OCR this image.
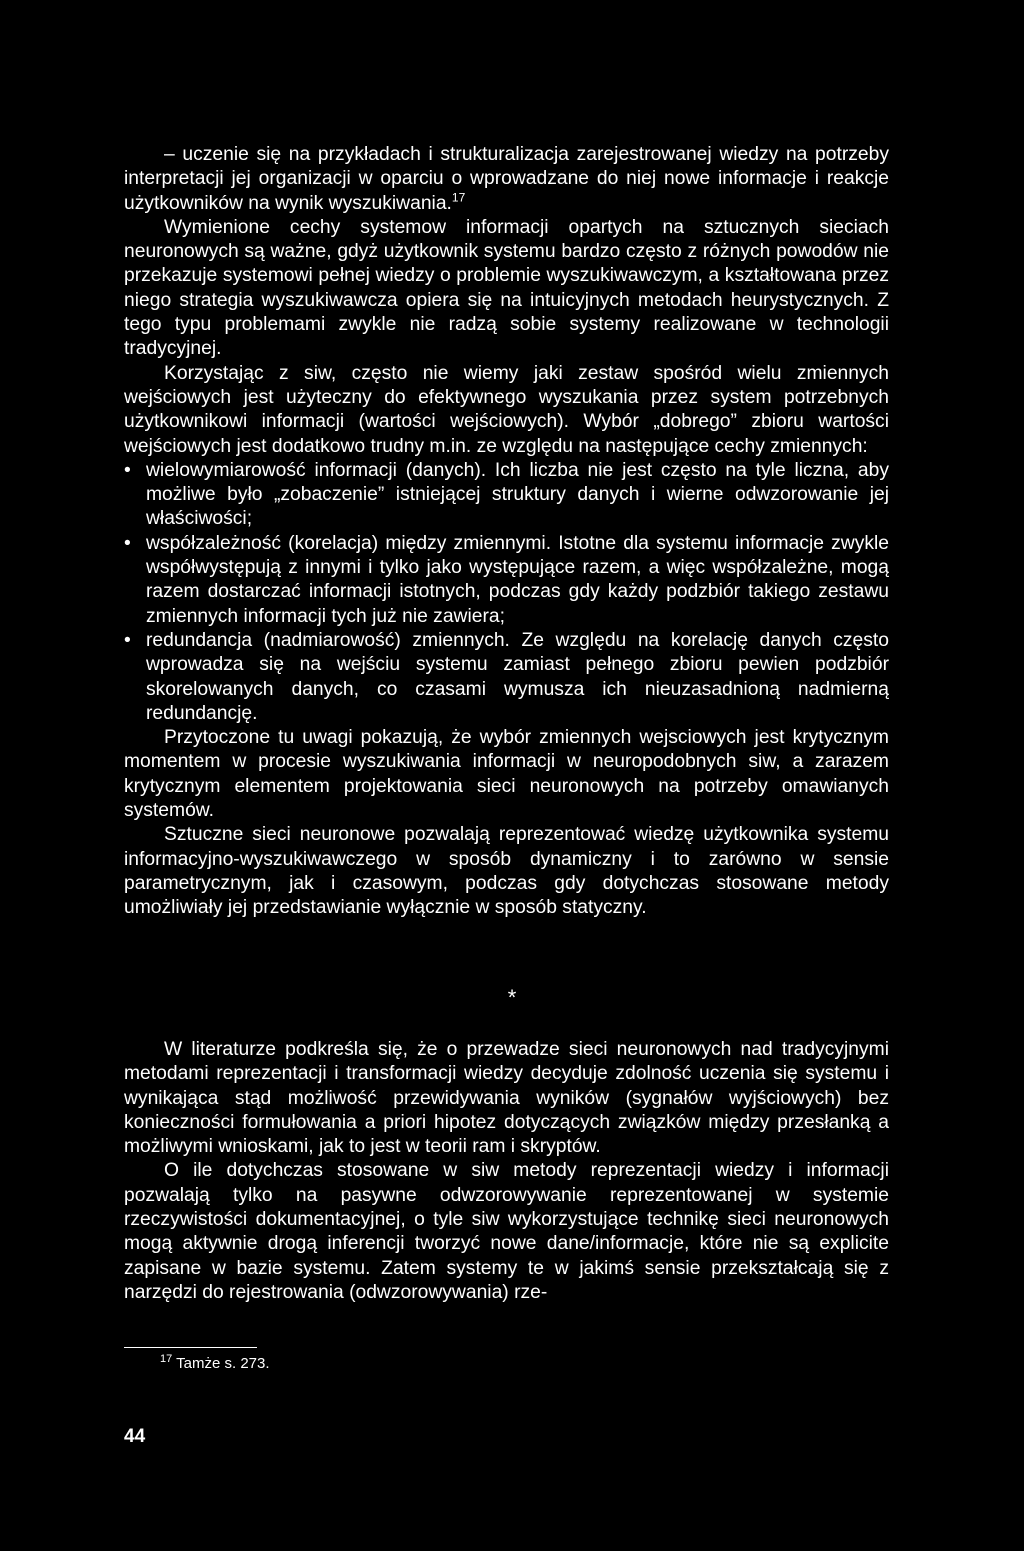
– uczenie się na przykładach i strukturalizacja zarejestrowanej wiedzy na potrzeby interpretacji jej organizacji w oparciu o wprowadzane do niej nowe informacje i reakcje użytkowników na wynik wyszukiwania.$^{17}$

Wymienione cechy systemow informacji opartych na sztucznych sieciach neuronowych są ważne, gdyż użytkownik systemu bardzo często z różnych powodów nie przekazuje systemowi pełnej wiedzy o problemie wyszukiwawczym, a kształtowana przez niego strategia wyszukiwawcza opiera się na intuicyjnych metodach heurystycznych. Z tego typu problemami zwykle nie radzą sobie systemy realizowane w technologii tradycyjnej.

Korzystając z siw, często nie wiemy jaki zestaw spośród wielu zmiennych wejściowych jest użyteczny do efektywnego wyszukania przez system potrzebnych użytkownikowi informacji (wartości wejściowych). Wybór „dobrego” zbioru wartości wejściowych jest dodatkowo trudny m.in. ze względu na następujące cechy zmiennych:

• wielowymiarowość informacji (danych). Ich liczba nie jest często na tyle liczna, aby możliwe było „zobaczenie” istniejącej struktury danych i wierne odwzorowanie jej właściwości;
• współzależność (korelacja) między zmiennymi. Istotne dla systemu informacje zwykle współwystępują z innymi i tylko jako występujące razem, a więc współzależne, mogą razem dostarczać informacji istotnych, podczas gdy każdy podzbiór takiego zestawu zmiennych informacji tych już nie zawiera;
• redundancja (nadmiarowość) zmiennych. Ze względu na korelację danych często wprowadza się na wejściu systemu zamiast pełnego zbioru pewien podzbiór skorelowanych danych, co czasami wymusza ich nieuzasadnioną nadmierną redundancję.

Przytoczone tu uwagi pokazują, że wybór zmiennych wejsciowych jest krytycznym momentem w procesie wyszukiwania informacji w neuropodobnych siw, a zarazem krytycznym elementem projektowania sieci neuronowych na potrzeby omawianych systemów.

Sztuczne sieci neuronowe pozwalają reprezentować wiedzę użytkownika systemu informacyjno-wyszukiwawczego w sposób dynamiczny i to zarówno w sensie parametrycznym, jak i czasowym, podczas gdy dotychczas stosowane metody umożliwiały jej przedstawianie wyłącznie w sposób statyczny.

*

W literaturze podkreśla się, że o przewadze sieci neuronowych nad tradycyjnymi metodami reprezentacji i transformacji wiedzy decyduje zdolność uczenia się systemu i wynikająca stąd możliwość przewidywania wyników (sygnałów wyjściowych) bez konieczności formułowania a priori hipotez dotyczących związków między przesłanką a możliwymi wnioskami, jak to jest w teorii ram i skryptów.

O ile dotychczas stosowane w siw metody reprezentacji wiedzy i informacji pozwalają tylko na pasywne odwzorowywanie reprezentowanej w systemie rzeczywistości dokumentacyjnej, o tyle siw wykorzystujące technikę sieci neuronowych mogą aktywnie drogą inferencji tworzyć nowe dane/informacje, które nie są explicite zapisane w bazie systemu. Zatem systemy te w jakimś sensie przekształcają się z narzędzi do rejestrowania (odwzorowywania) rze-

$^{17}$ Tamże s. 273.
44
